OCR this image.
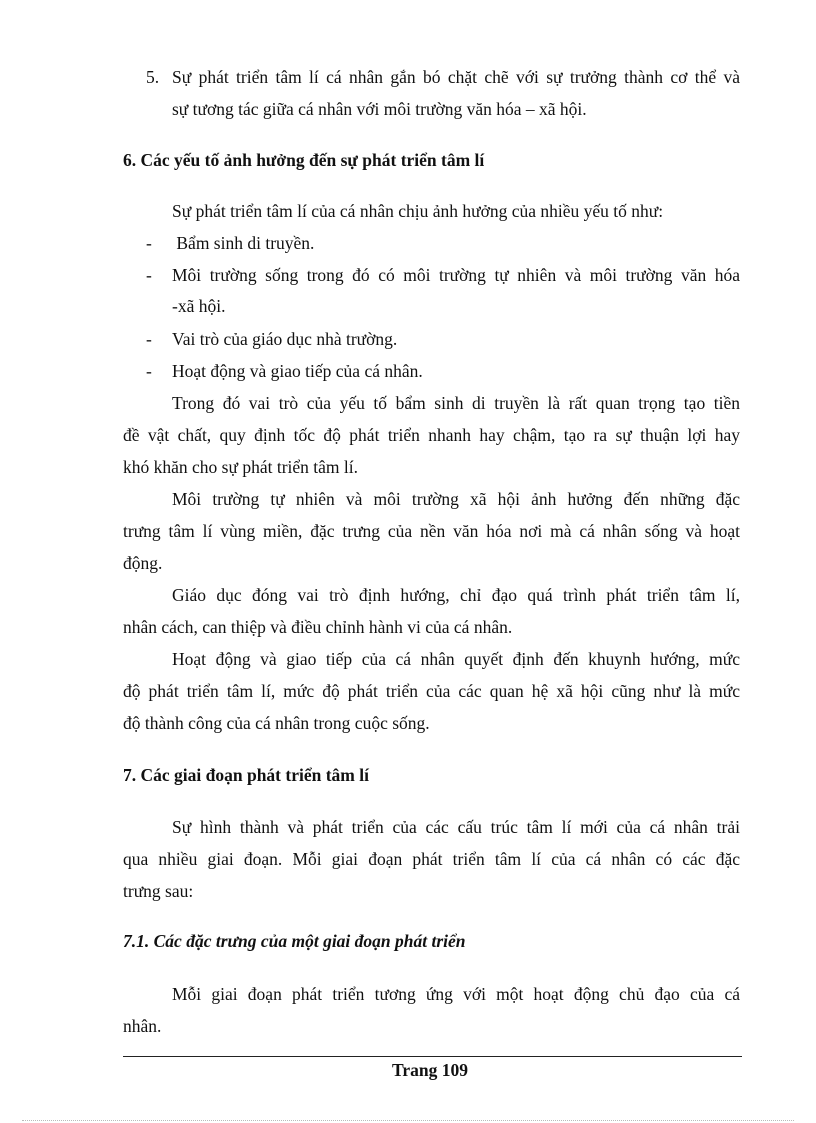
5. Sự phát triển tâm lí cá nhân gắn bó chặt chẽ với sự trưởng thành cơ thể và
sự tương tác giữa cá nhân với môi trường văn hóa – xã hội.
6. Các yếu tố ảnh hưởng đến sự phát triển tâm lí
Sự phát triển tâm lí của cá nhân chịu ảnh hưởng của nhiều yếu tố như:
- Bẩm sinh di truyền.
- Môi trường sống trong đó có môi trường tự nhiên và môi trường văn hóa
-xã hội.
- Vai trò của giáo dục nhà trường.
- Hoạt động và giao tiếp của cá nhân.
Trong đó vai trò của yếu tố bẩm sinh di truyền là rất quan trọng tạo tiền
đề vật chất, quy định tốc độ phát triển nhanh hay chậm, tạo ra sự thuận lợi hay
khó khăn cho sự phát triển tâm lí.
Môi trường tự nhiên và môi trường xã hội ảnh hưởng đến những đặc
trưng tâm lí vùng miền, đặc trưng của nền văn hóa nơi mà cá nhân sống và hoạt
động.
Giáo dục đóng vai trò định hướng, chỉ đạo quá trình phát triển tâm lí,
nhân cách, can thiệp và điều chỉnh hành vi của cá nhân.
Hoạt động và giao tiếp của cá nhân quyết định đến khuynh hướng, mức
độ phát triển tâm lí, mức độ phát triển của các quan hệ xã hội cũng như là mức
độ thành công của cá nhân trong cuộc sống.
7. Các giai đoạn phát triển tâm lí
Sự hình thành và phát triển của các cấu trúc tâm lí mới của cá nhân trải
qua nhiều giai đoạn. Mỗi giai đoạn phát triển tâm lí của cá nhân có các đặc
trưng sau:
7.1. Các đặc trưng của một giai đoạn phát triển
Mỗi giai đoạn phát triển tương ứng với một hoạt động chủ đạo của cá
nhân.
Trang 109
